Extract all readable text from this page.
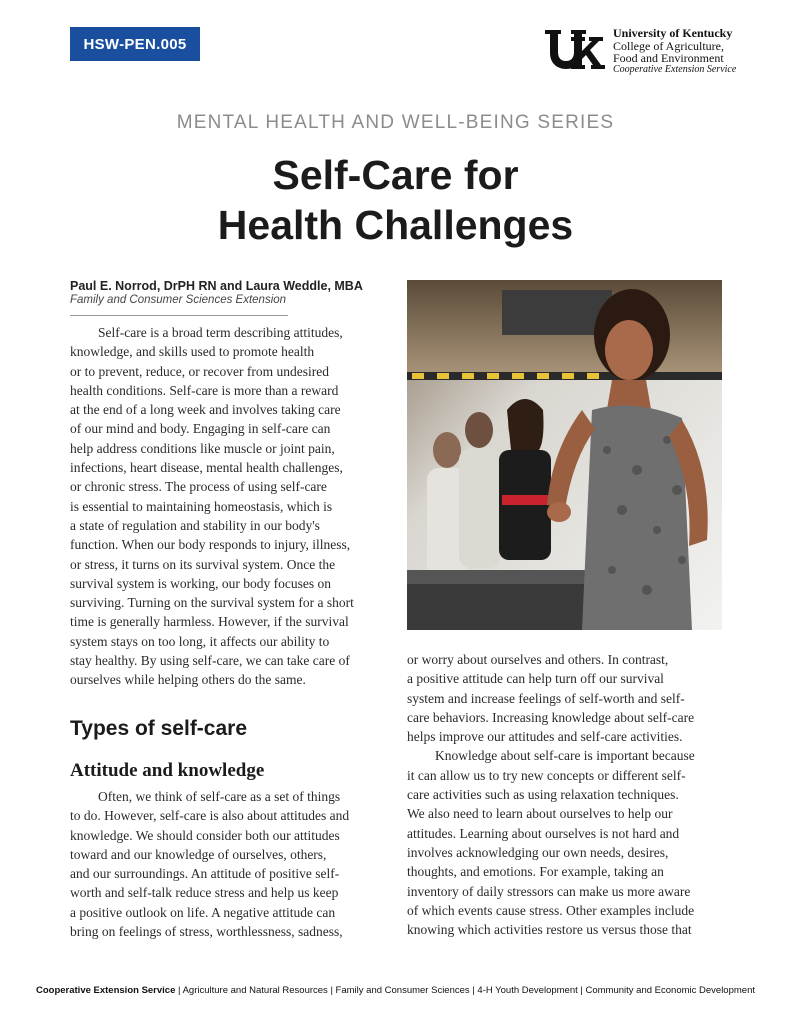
HSW-PEN.005
University of Kentucky
College of Agriculture,
Food and Environment
Cooperative Extension Service
MENTAL HEALTH AND WELL-BEING SERIES
Self-Care for
Health Challenges
Paul E. Norrod, DrPH RN and Laura Weddle, MBA
Family and Consumer Sciences Extension
Self-care is a broad term describing attitudes,
knowledge, and skills used to promote health
or to prevent, reduce, or recover from undesired
health conditions. Self-care is more than a reward
at the end of a long week and involves taking care
of our mind and body. Engaging in self-care can
help address conditions like muscle or joint pain,
infections, heart disease, mental health challenges,
or chronic stress. The process of using self-care
is essential to maintaining homeostasis, which is
a state of regulation and stability in our body's
function. When our body responds to injury, illness,
or stress, it turns on its survival system. Once the
survival system is working, our body focuses on
surviving. Turning on the survival system for a short
time is generally harmless. However, if the survival
system stays on too long, it affects our ability to
stay healthy. By using self-care, we can take care of
ourselves while helping others do the same.
Types of self-care
Attitude and knowledge
Often, we think of self-care as a set of things
to do. However, self-care is also about attitudes and
knowledge. We should consider both our attitudes
toward and our knowledge of ourselves, others,
and our surroundings. An attitude of positive self-
worth and self-talk reduce stress and help us keep
a positive outlook on life. A negative attitude can
bring on feelings of stress, worthlessness, sadness,
or worry about ourselves and others. In contrast,
a positive attitude can help turn off our survival
system and increase feelings of self-worth and self-
care behaviors. Increasing knowledge about self-care
helps improve our attitudes and self-care activities.
Knowledge about self-care is important because
it can allow us to try new concepts or different self-
care activities such as using relaxation techniques.
We also need to learn about ourselves to help our
attitudes. Learning about ourselves is not hard and
involves acknowledging our own needs, desires,
thoughts, and emotions. For example, taking an
inventory of daily stressors can make us more aware
of which events cause stress. Other examples include
knowing which activities restore us versus those that
Cooperative Extension Service | Agriculture and Natural Resources | Family and Consumer Sciences | 4-H Youth Development | Community and Economic Development
